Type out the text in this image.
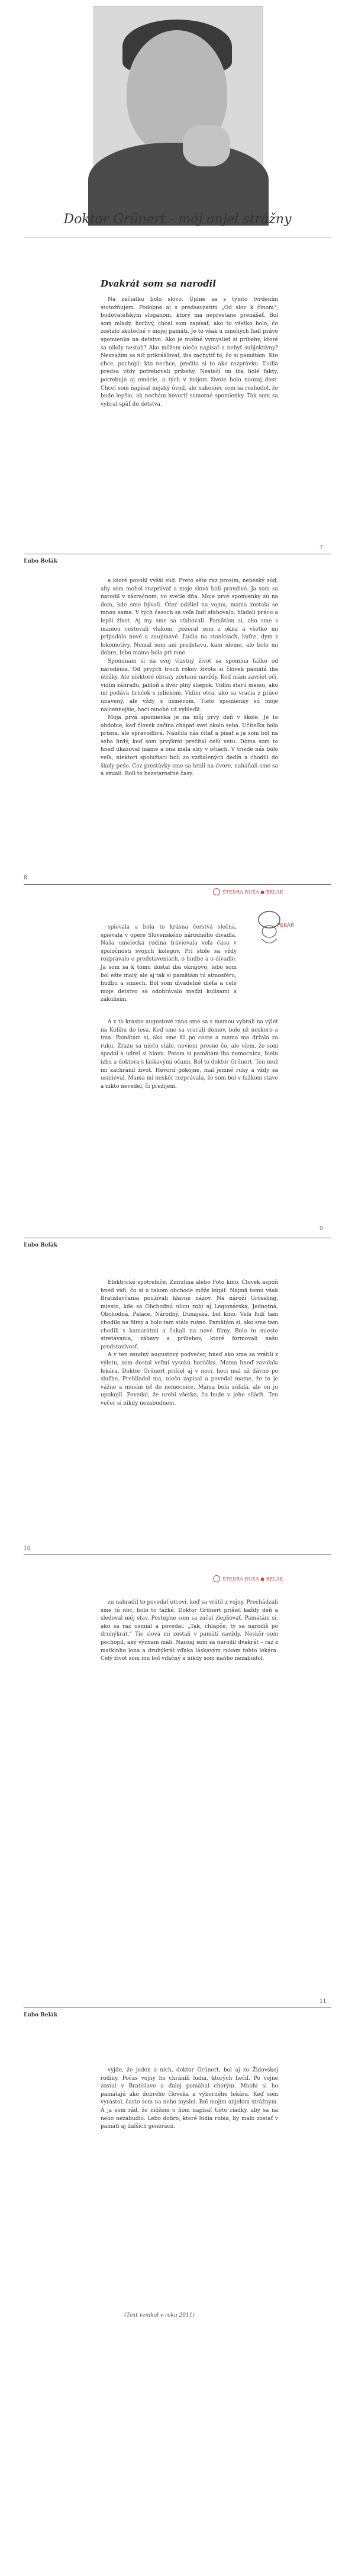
Doktor Grünert - môj anjel strážny
Dvakrát som sa narodil

Na začiatku bolo slovo. Úplne sa s týmto tvrdením stotožňujem. Podobne aj s predsavzatím „Od slov k činom“, budovateľským sloganom, ktorý ma neprestane prenášať. Bol som mladý, horlivý, chcel som zapísať, ako to všetko bolo, čo zostalo skutočné v mojej pamäti. Je to však u mnohých ľudí práve spomienka na detstvo. Ako je možné vymyslieť si príbehy, ktoré sa nikdy nestali? Ako môžem niečo napísať a nebyť subjektívny? Nesnažím sa nič prikrášľovať, iba zachytiť to, čo si pamätám. Kto chce, pochopí; kto nechce, prečíta si to ako rozprávku. Ľudia predsa vždy potrebovali príbehy. Nestačí im iba holé fakty, potrebujú aj emócie, a tých v mojom živote bolo naozaj dosť. Chcel som napísať nejaký úvod, ale nakoniec som sa rozhodol, že bude lepšie, ak nechám hovoriť samotné spomienky. Tak som sa vybral späť do detstva.

7
Ľubo Belák

a ktoré povolil vyšší súd. Preto ešte raz prosím, nebeský súd, aby som mohol rozprávať a moje slová boli pravdivé. Ja som sa narodil v zázračnom, vo svetle dňa. Moje prvé spomienky sú na dom, kde sme bývali. Otec odišiel na vojnu, mama zostala so mnou sama. V tých časoch sa veľa ľudí sťahovalo, hľadali prácu a lepší život. Aj my sme sa sťahovali. Pamätám si, ako sme s mamou cestovali vlakom, pozeral som z okna a všetko mi pripadalo nové a zaujímavé. Ľudia na staniciach, kufre, dym z lokomotívy. Nemal som ani predstavu, kam ideme, ale bolo mi dobre, lebo mama bola pri mne.

Spomínam si na svoj vlastný život sa spomína ťažko od narodenia. Od prvých troch rokov života si človek pamätá iba útržky. Ale niektoré obrazy zostanú navždy. Keď mám zavrieť oči, vidím záhradu, jabloň a dvor plný sliepok. Vidím starú mamu, ako mi podáva hrnček s mliekom. Vidím otca, ako sa vracia z práce unavený, ale vždy s úsmevom. Tieto spomienky sú moje najcennejšie, hoci mnohé už vybledli.

Moja prvá spomienka je na môj prvý deň v škole. Je to obdobie, keď človek začína chápať svet okolo seba. Učiteľka bola prísna, ale spravodlivá. Naučila nás čítať a písať a ja som bol na seba hrdý, keď som prvýkrát prečítal celú vetu. Doma som to hneď ukazoval mame a ona mala slzy v očiach. V triede nás bolo veľa, niektorí spolužiaci boli zo vzdialených dedín a chodili do školy pešo. Cez prestávky sme sa hrali na dvore, naháňali sme sa a smiali. Boli to bezstarostné časy.

8
ŠTEDRÁ RUKA ● BELÁK
PEKAR

spievala a bola to krásna čerstvá slečna, spievala v opere Slovenského národného divadla. Naša umelecká rodina trávievala veľa času v spoločnosti svojich kolegov. Pri stole sa vždy rozprávalo o predstaveniach, o hudbe a o divadle. Ja som sa k tomu dostal iba okrajovo, lebo som bol ešte malý, ale aj tak si pamätám tú atmosféru, hudbu a smiech. Bol som divadelné dieťa a celé moje detstvo sa odohrávalo medzi kulisami a zákulisím.

A v to krásne augustové ráno sme sa s mamou vybrali na výlet na Kolibu do lesa. Keď sme sa vracali domov, bolo už neskoro a tma. Pamätám si, ako sme šli po ceste a mama ma držala za ruku. Zrazu sa niečo stalo, neviem presne čo, ale viem, že som spadol a udrel si hlavu. Potom si pamätám iba nemocnicu, bielu izbu a doktora s láskavými očami. Bol to doktor Grünert. Ten muž mi zachránil život. Hovoril pokojne, mal jemné ruky a vždy sa usmieval. Mama mi neskôr rozprávala, že som bol v ťažkom stave a nikto nevedel, či prežijem.

9
Ľubo Belák

Elektrické spotrebiče, Zmrzlina alebo Foto kino. Človek aspoň hned vidí, čo si u takom obchode môže kúpiť. Najmä tomu však Bratislavčania používali hlavne názov. Na nároží Grössling, miesto, kde sa Obchodnú ulicu robí aj Legionárska, Jednotná, Obchodná, Palace, Národný, Dunajská, bol kino. Veľa ľudí tam chodilo na filmy a bolo tam stále rušno. Pamätám si, ako sme tam chodili s kamarátmi a čakali na nové filmy. Bolo to miesto stretávania, zábavy a príbehov, ktoré formovali našu predstavivosť.

A v ten osudný augustový podvečer, hneď ako sme sa vrátili z výletu, som dostal veľmi vysokú horúčku. Mama hneď zavolala lekára. Doktor Grünert prišiel aj v noci, hoci mal už dávno po službe. Prehliadol ma, niečo zapísal a povedal mame, že to je vážne a musím ísť do nemocnice. Mama bola zúfalá, ale on ju upokojil. Povedal, že urobí všetko, čo bude v jeho silách. Ten večer si nikdy nezabudnem.

10
ŠTEDRÁ RUKA ● BELÁK

zu nahradil to povedať otcovi, keď sa vrátil z vojny. Prechádzali sme tú noc, bolo to ťažké. Doktor Grünert prišiel každý deň a sledoval môj stav. Postupne som sa začal zlepšovať. Pamätám si, ako sa raz usmial a povedal: „Tak, chlapče, ty sa narodíš po druhýkrát.“ Tie slová mi zostali v pamäti navždy. Neskôr som pochopil, aký význam mali. Naozaj som sa narodil dvakrát – raz z matkinho lona a druhýkrát vďaka láskavým rukám tohto lekára. Celý život som mu bol vďačný a nikdy som naňho nezabudol.

11
Ľubo Belák

vyjde, že jeden z nich, doktor Grünert, bol aj zo Židovskej rodiny. Počas vojny ho chránili ľudia, ktorých liečil. Po vojne zostal v Bratislave a ďalej pomáhal chorým. Mnohí si ho pamätajú ako dobrého človeka a výborného lekára. Keď som vyrástol, často som na neho myslel. Bol mojím anjelom strážnym. A ja som rád, že môžem o ňom napísať tieto riadky, aby sa na neho nezabudlo. Lebo dobro, ktoré ľudia robia, by malo zostať v pamäti aj ďalších generácií.

(Text vznikol v roku 2011)
